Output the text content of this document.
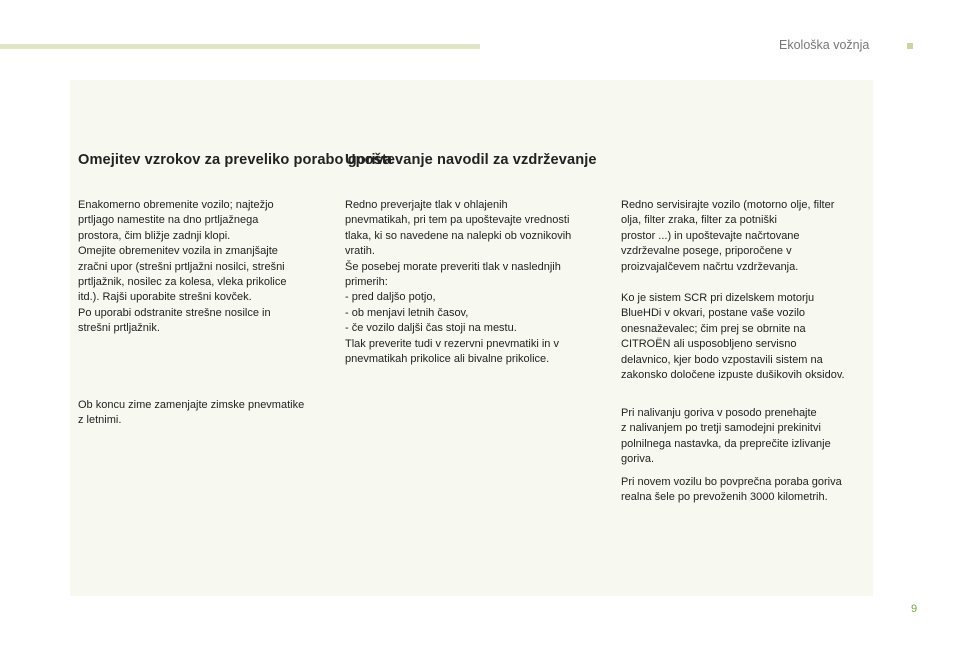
Ekološka vožnja
Omejitev vzrokov za preveliko porabo goriva
Enakomerno obremenite vozilo; najtežjo
prtljago namestite na dno prtljažnega
prostora, čim bližje zadnji klopi.
Omejite obremenitev vozila in zmanjšajte
zračni upor (strešni prtljažni nosilci, strešni
prtljažnik, nosilec za kolesa, vleka prikolice
itd.). Rajši uporabite strešni kovček.
Po uporabi odstranite strešne nosilce in
strešni prtljažnik.
Ob koncu zime zamenjajte zimske pnevmatike
z letnimi.
Upoštevanje navodil za vzdrževanje
Redno preverjajte tlak v ohlajenih
pnevmatikah, pri tem pa upoštevajte vrednosti
tlaka, ki so navedene na nalepki ob voznikovih
vratih.
Še posebej morate preveriti tlak v naslednjih
primerih:
- pred daljšo potjo,
- ob menjavi letnih časov,
- če vozilo daljši čas stoji na mestu.
Tlak preverite tudi v rezervni pnevmatiki in v
pnevmatikah prikolice ali bivalne prikolice.
Redno servisirajte vozilo (motorno olje, filter
olja, filter zraka, filter za potniški
prostor ...) in upoštevajte načrtovane
vzdrževalne posege, priporočene v
proizvajalčevem načrtu vzdrževanja.
Ko je sistem SCR pri dizelskem motorju
BlueHDi v okvari, postane vaše vozilo
onesnaževalec; čim prej se obrnite na
CITROËN ali usposobljeno servisno
delavnico, kjer bodo vzpostavili sistem na
zakonsko določene izpuste dušikovih oksidov.
Pri nalivanju goriva v posodo prenehajte
z nalivanjem po tretji samodejni prekinitvi
polnilnega nastavka, da preprečite izlivanje
goriva.
Pri novem vozilu bo povprečna poraba goriva
realna šele po prevoženih 3000 kilometrih.
9
